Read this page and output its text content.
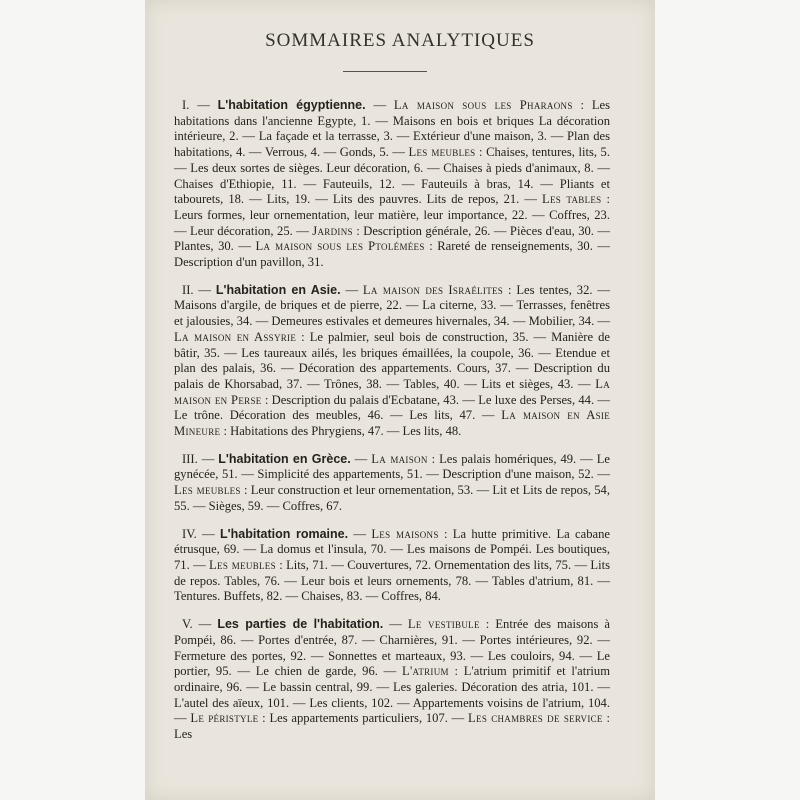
SOMMAIRES ANALYTIQUES

I. — L'habitation égyptienne. — La maison sous les Pharaons : Les habitations dans l'ancienne Egypte, 1. — Maisons en bois et briques La décoration intérieure, 2. — La façade et la terrasse, 3. — Extérieur d'une maison, 3. — Plan des habitations, 4. — Verrous, 4. — Gonds, 5. — Les meubles : Chaises, tentures, lits, 5. — Les deux sortes de sièges. Leur décoration, 6. — Chaises à pieds d'animaux, 8. — Chaises d'Ethiopie, 11. — Fauteuils, 12. — Fauteuils à bras, 14. — Pliants et tabourets, 18. — Lits, 19. — Lits des pauvres. Lits de repos, 21. — Les tables : Leurs formes, leur ornementation, leur matière, leur importance, 22. — Coffres, 23. — Leur décoration, 25. — Jardins : Description générale, 26. — Pièces d'eau, 30. — Plantes, 30. — La maison sous les Ptolémées : Rareté de renseignements, 30. — Description d'un pavillon, 31.

II. — L'habitation en Asie. — La maison des Israélites : Les tentes, 32. — Maisons d'argile, de briques et de pierre, 22. — La citerne, 33. — Terrasses, fenêtres et jalousies, 34. — Demeures estivales et demeures hivernales, 34. — Mobilier, 34. — La maison en Assyrie : Le palmier, seul bois de construction, 35. — Manière de bâtir, 35. — Les taureaux ailés, les briques émaillées, la coupole, 36. — Etendue et plan des palais, 36. — Décoration des appartements. Cours, 37. — Description du palais de Khorsabad, 37. — Trônes, 38. — Tables, 40. — Lits et sièges, 43. — La maison en Perse : Description du palais d'Ecbatane, 43. — Le luxe des Perses, 44. — Le trône. Décoration des meubles, 46. — Les lits, 47. — La maison en Asie Mineure : Habitations des Phrygiens, 47. — Les lits, 48.

III. — L'habitation en Grèce. — La maison : Les palais homériques, 49. — Le gynécée, 51. — Simplicité des appartements, 51. — Description d'une maison, 52. — Les meubles : Leur construction et leur ornementation, 53. — Lit et Lits de repos, 54, 55. — Sièges, 59. — Coffres, 67.

IV. — L'habitation romaine. — Les maisons : La hutte primitive. La cabane étrusque, 69. — La domus et l'insula, 70. — Les maisons de Pompéi. Les boutiques, 71. — Les meubles : Lits, 71. — Couvertures, 72. Ornementation des lits, 75. — Lits de repos. Tables, 76. — Leur bois et leurs ornements, 78. — Tables d'atrium, 81. — Tentures. Buffets, 82. — Chaises, 83. — Coffres, 84.

V. — Les parties de l'habitation. — Le vestibule : Entrée des maisons à Pompéi, 86. — Portes d'entrée, 87. — Charnières, 91. — Portes intérieures, 92. — Fermeture des portes, 92. — Sonnettes et marteaux, 93. — Les couloirs, 94. — Le portier, 95. — Le chien de garde, 96. — L'atrium : L'atrium primitif et l'atrium ordinaire, 96. — Le bassin central, 99. — Les galeries. Décoration des atria, 101. — L'autel des aïeux, 101. — Les clients, 102. — Appartements voisins de l'atrium, 104. — Le péristyle : Les appartements particuliers, 107. — Les chambres de service : Les
